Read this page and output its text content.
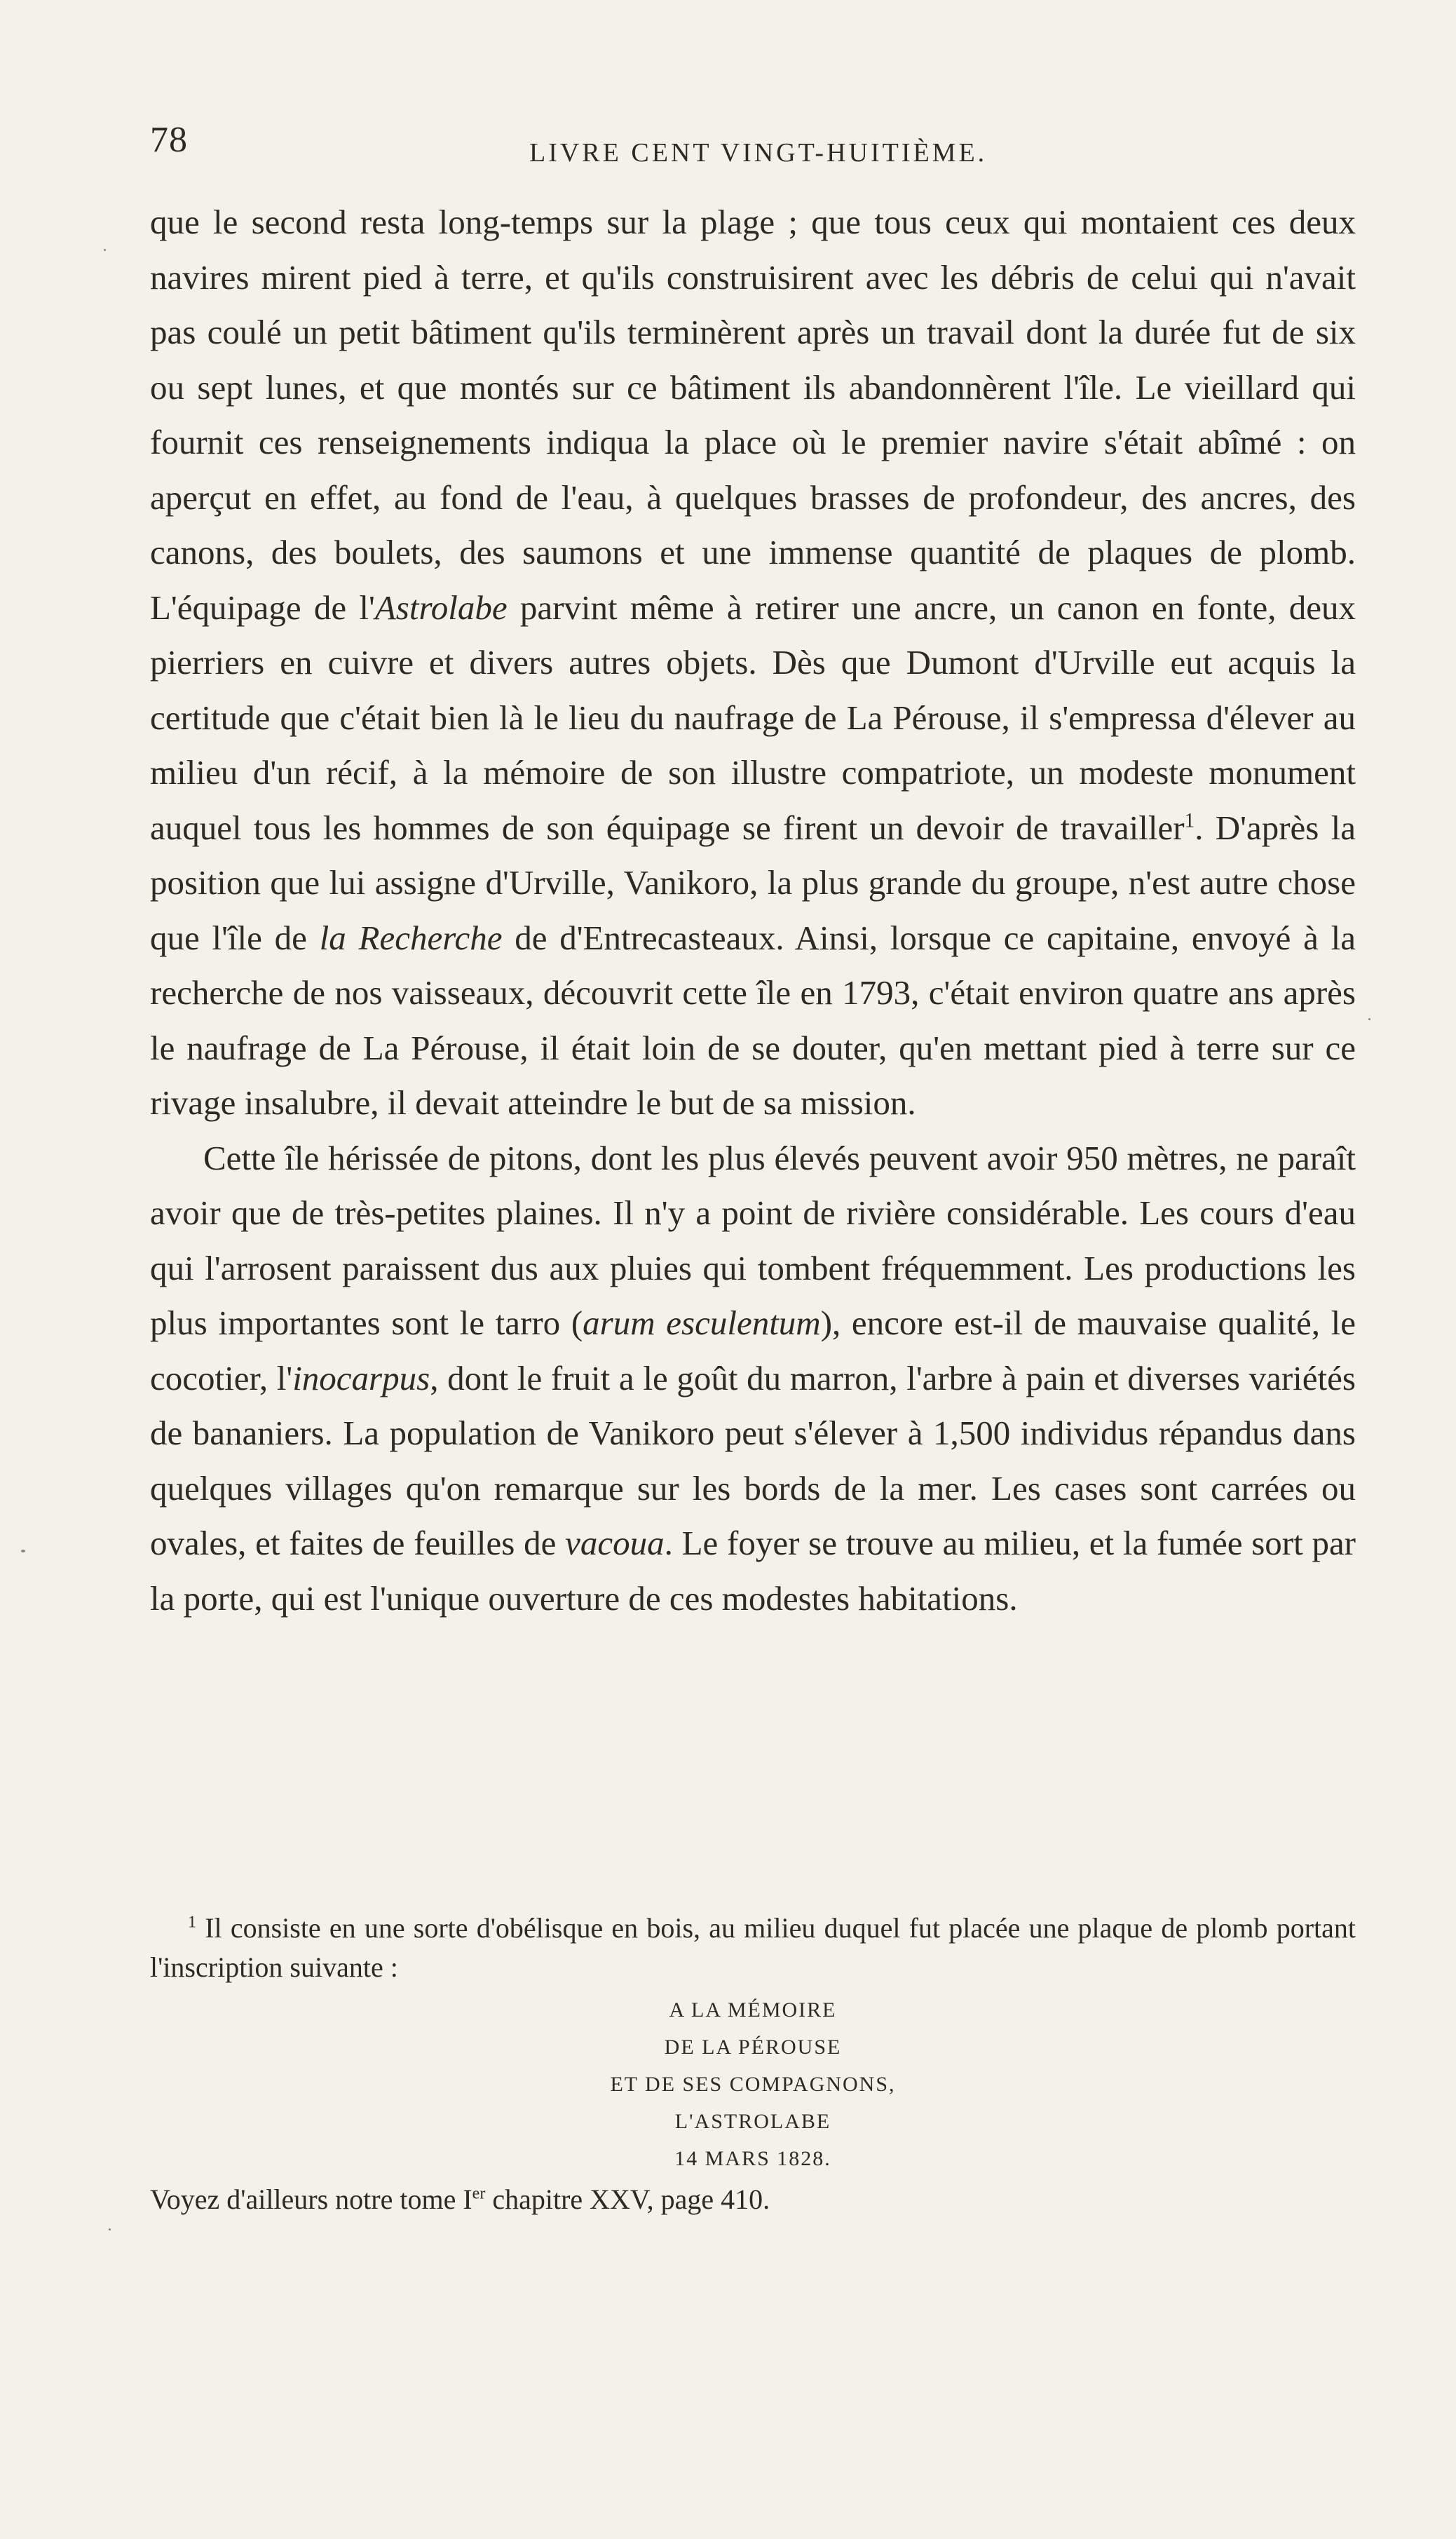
78	LIVRE CENT VINGT-HUITIÈME.

que le second resta long-temps sur la plage ; que tous ceux qui montaient ces deux navires mirent pied à terre, et qu'ils construisirent avec les débris de celui qui n'avait pas coulé un petit bâtiment qu'ils terminèrent après un travail dont la durée fut de six ou sept lunes, et que montés sur ce bâtiment ils abandonnèrent l'île. Le vieillard qui fournit ces renseignements indiqua la place où le premier navire s'était abîmé : on aperçut en effet, au fond de l'eau, à quelques brasses de profondeur, des ancres, des canons, des boulets, des saumons et une immense quantité de plaques de plomb. L'équipage de l'Astrolabe parvint même à retirer une ancre, un canon en fonte, deux pierriers en cuivre et divers autres objets. Dès que Dumont d'Urville eut acquis la certitude que c'était bien là le lieu du naufrage de La Pérouse, il s'empressa d'élever au milieu d'un récif, à la mémoire de son illustre compatriote, un modeste monument auquel tous les hommes de son équipage se firent un devoir de travailler$^1$. D'après la position que lui assigne d'Urville, Vanikoro, la plus grande du groupe, n'est autre chose que l'île de la Recherche de d'Entrecasteaux. Ainsi, lorsque ce capitaine, envoyé à la recherche de nos vaisseaux, découvrit cette île en 1793, c'était environ quatre ans après le naufrage de La Pérouse, il était loin de se douter, qu'en mettant pied à terre sur ce rivage insalubre, il devait atteindre le but de sa mission.

Cette île hérissée de pitons, dont les plus élevés peuvent avoir 950 mètres, ne paraît avoir que de très-petites plaines. Il n'y a point de rivière considérable. Les cours d'eau qui l'arrosent paraissent dus aux pluies qui tombent fréquemment. Les productions les plus importantes sont le tarro (arum esculentum), encore est-il de mauvaise qualité, le cocotier, l'inocarpus, dont le fruit a le goût du marron, l'arbre à pain et diverses variétés de bananiers. La population de Vanikoro peut s'élever à 1,500 individus répandus dans quelques villages qu'on remarque sur les bords de la mer. Les cases sont carrées ou ovales, et faites de feuilles de vacoua. Le foyer se trouve au milieu, et la fumée sort par la porte, qui est l'unique ouverture de ces modestes habitations.

$^1$ Il consiste en une sorte d'obélisque en bois, au milieu duquel fut placée une plaque de plomb portant l'inscription suivante :

A LA MÉMOIRE
DE LA PÉROUSE
ET DE SES COMPAGNONS,
L'ASTROLABE
14 MARS 1828.

Voyez d'ailleurs notre tome Ier chapitre XXV, page 410.
